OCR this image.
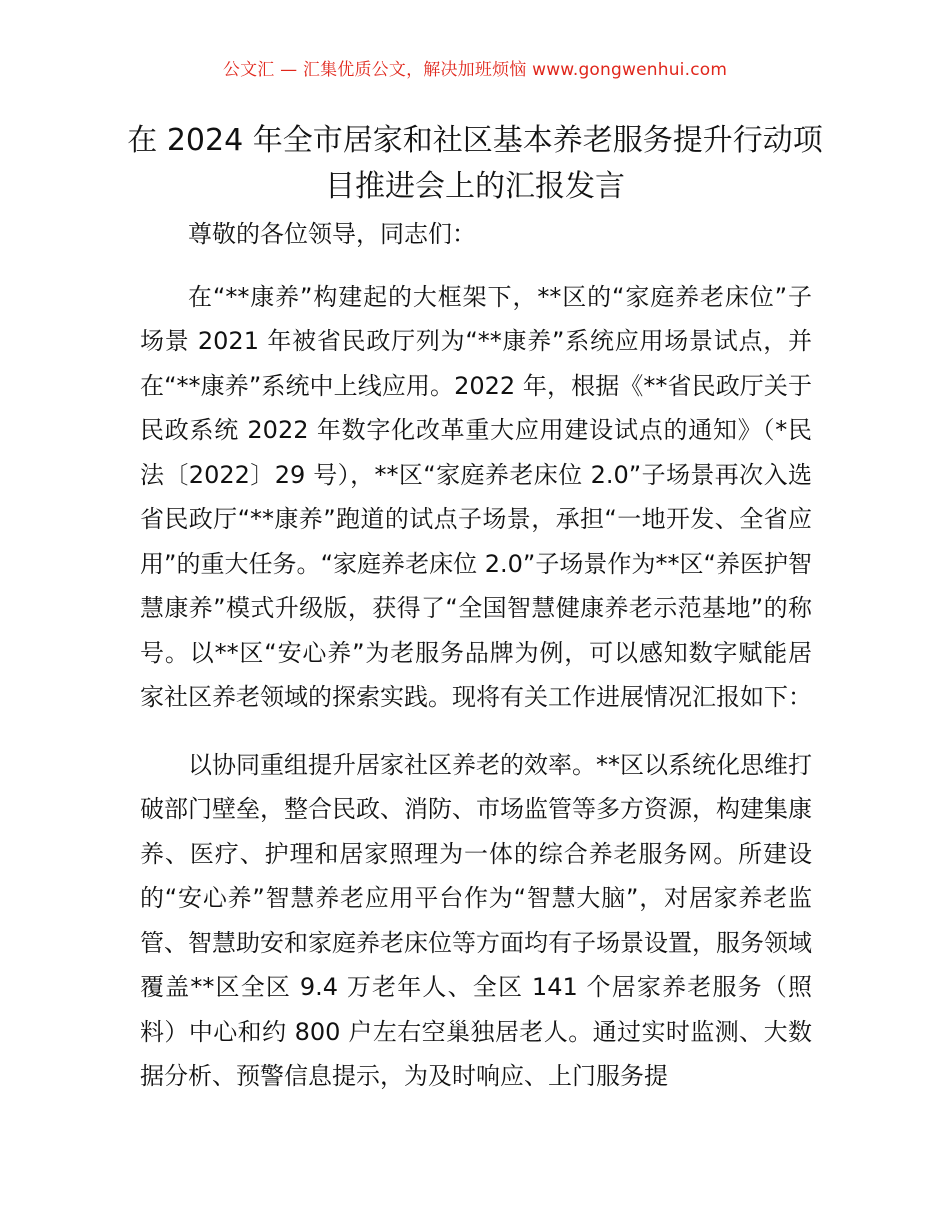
公文汇 — 汇集优质公文，解决加班烦恼 www.gongwenhui.com
在 2024 年全市居家和社区基本养老服务提升行动项目推进会上的汇报发言

尊敬的各位领导，同志们：

在“**康养”构建起的大框架下，**区的“家庭养老床位”子场景 2021 年被省民政厅列为“**康养”系统应用场景试点，并在“**康养”系统中上线应用。2022 年，根据《**省民政厅关于民政系统 2022 年数字化改革重大应用建设试点的通知》（*民法〔2022〕29 号），**区“家庭养老床位 2.0”子场景再次入选省民政厅“**康养”跑道的试点子场景，承担“一地开发、全省应用”的重大任务。“家庭养老床位 2.0”子场景作为**区“养医护智慧康养”模式升级版，获得了“全国智慧健康养老示范基地”的称号。以**区“安心养”为老服务品牌为例，可以感知数字赋能居家社区养老领域的探索实践。现将有关工作进展情况汇报如下：

以协同重组提升居家社区养老的效率。**区以系统化思维打破部门壁垒，整合民政、消防、市场监管等多方资源，构建集康养、医疗、护理和居家照理为一体的综合养老服务网。所建设的“安心养”智慧养老应用平台作为“智慧大脑”，对居家养老监管、智慧助安和家庭养老床位等方面均有子场景设置，服务领域覆盖**区全区 9.4 万老年人、全区 141 个居家养老服务（照料）中心和约 800 户左右空巢独居老人。通过实时监测、大数据分析、预警信息提示，为及时响应、上门服务提
